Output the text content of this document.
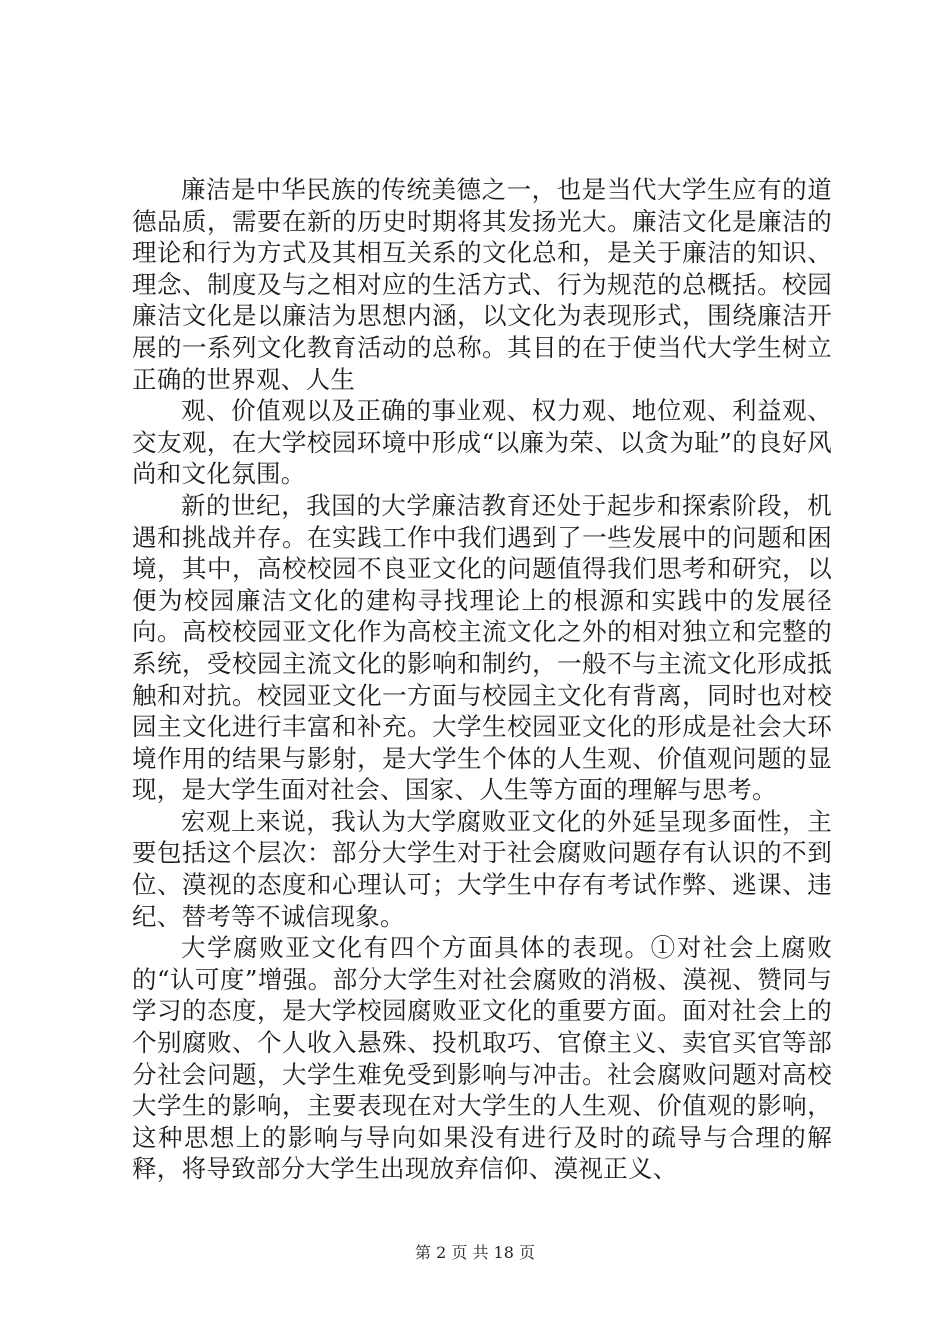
廉洁是中华民族的传统美德之一，也是当代大学生应有的道德品质，需要在新的历史时期将其发扬光大。廉洁文化是廉洁的理论和行为方式及其相互关系的文化总和，是关于廉洁的知识、理念、制度及与之相对应的生活方式、行为规范的总概括。校园廉洁文化是以廉洁为思想内涵，以文化为表现形式，围绕廉洁开展的一系列文化教育活动的总称。其目的在于使当代大学生树立正确的世界观、人生

观、价值观以及正确的事业观、权力观、地位观、利益观、交友观，在大学校园环境中形成“以廉为荣、以贪为耻”的良好风尚和文化氛围。

新的世纪，我国的大学廉洁教育还处于起步和探索阶段，机遇和挑战并存。在实践工作中我们遇到了一些发展中的问题和困境，其中，高校校园不良亚文化的问题值得我们思考和研究，以便为校园廉洁文化的建构寻找理论上的根源和实践中的发展径向。高校校园亚文化作为高校主流文化之外的相对独立和完整的系统，受校园主流文化的影响和制约，一般不与主流文化形成抵触和对抗。校园亚文化一方面与校园主文化有背离，同时也对校园主文化进行丰富和补充。大学生校园亚文化的形成是社会大环境作用的结果与影射，是大学生个体的人生观、价值观问题的显现，是大学生面对社会、国家、人生等方面的理解与思考。

宏观上来说，我认为大学腐败亚文化的外延呈现多面性，主要包括这个层次：部分大学生对于社会腐败问题存有认识的不到位、漠视的态度和心理认可；大学生中存有考试作弊、逃课、违纪、替考等不诚信现象。

大学腐败亚文化有四个方面具体的表现。①对社会上腐败的“认可度”增强。部分大学生对社会腐败的消极、漠视、赞同与学习的态度，是大学校园腐败亚文化的重要方面。面对社会上的个别腐败、个人收入悬殊、投机取巧、官僚主义、卖官买官等部分社会问题，大学生难免受到影响与冲击。社会腐败问题对高校大学生的影响，主要表现在对大学生的人生观、价值观的影响，这种思想上的影响与导向如果没有进行及时的疏导与合理的解释，将导致部分大学生出现放弃信仰、漠视正义、

第 2 页 共 18 页
